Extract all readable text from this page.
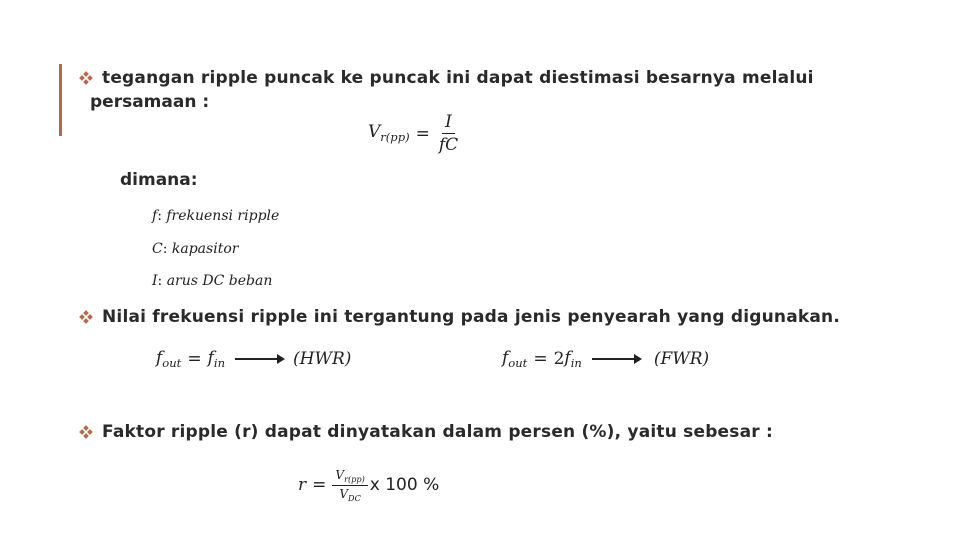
tegangan ripple puncak ke puncak ini dapat diestimasi besarnya melalui
persamaan :
$V_{r(pp)} = \frac{I}{fC}$
dimana:
f: frekuensi ripple
C: kapasitor
I: arus DC beban
Nilai frekuensi ripple ini tergantung pada jenis penyearah yang digunakan.
$f_{out} = f_{in}$	(HWR)	$f_{out} = 2$ $f_{in}$	(FWR)
Faktor ripple (r) dapat dinyatakan dalam persen (%), yaitu sebesar :
$r = \frac{V_{r(pp)}}{V_{DC}}$ x 100 %
